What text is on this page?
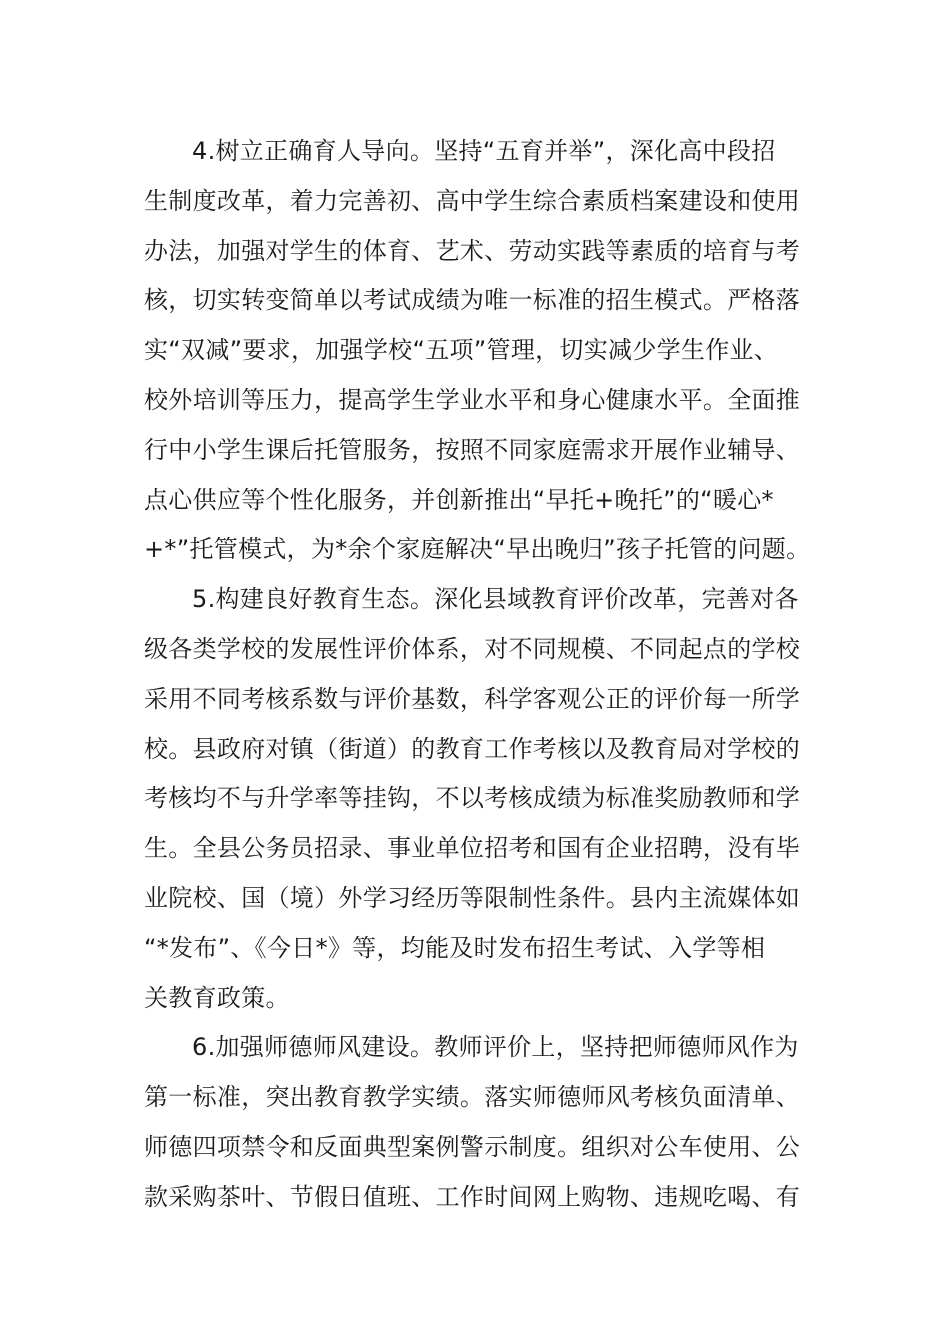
4.树立正确育人导向。坚持“五育并举”，深化高中段招
生制度改革，着力完善初、高中学生综合素质档案建设和使用
办法，加强对学生的体育、艺术、劳动实践等素质的培育与考
核，切实转变简单以考试成绩为唯一标准的招生模式。严格落
实“双减”要求，加强学校“五项”管理，切实减少学生作业、
校外培训等压力，提高学生学业水平和身心健康水平。全面推
行中小学生课后托管服务，按照不同家庭需求开展作业辅导、
点心供应等个性化服务，并创新推出“早托+晚托”的“暖心*
+*”托管模式，为*余个家庭解决“早出晚归”孩子托管的问题。
5.构建良好教育生态。深化县域教育评价改革，完善对各
级各类学校的发展性评价体系，对不同规模、不同起点的学校
采用不同考核系数与评价基数，科学客观公正的评价每一所学
校。县政府对镇（街道）的教育工作考核以及教育局对学校的
考核均不与升学率等挂钩，不以考核成绩为标准奖励教师和学
生。全县公务员招录、事业单位招考和国有企业招聘，没有毕
业院校、国（境）外学习经历等限制性条件。县内主流媒体如
“*发布”、《今日*》等，均能及时发布招生考试、入学等相
关教育政策。
6.加强师德师风建设。教师评价上，坚持把师德师风作为
第一标准，突出教育教学实绩。落实师德师风考核负面清单、
师德四项禁令和反面典型案例警示制度。组织对公车使用、公
款采购茶叶、节假日值班、工作时间网上购物、违规吃喝、有
